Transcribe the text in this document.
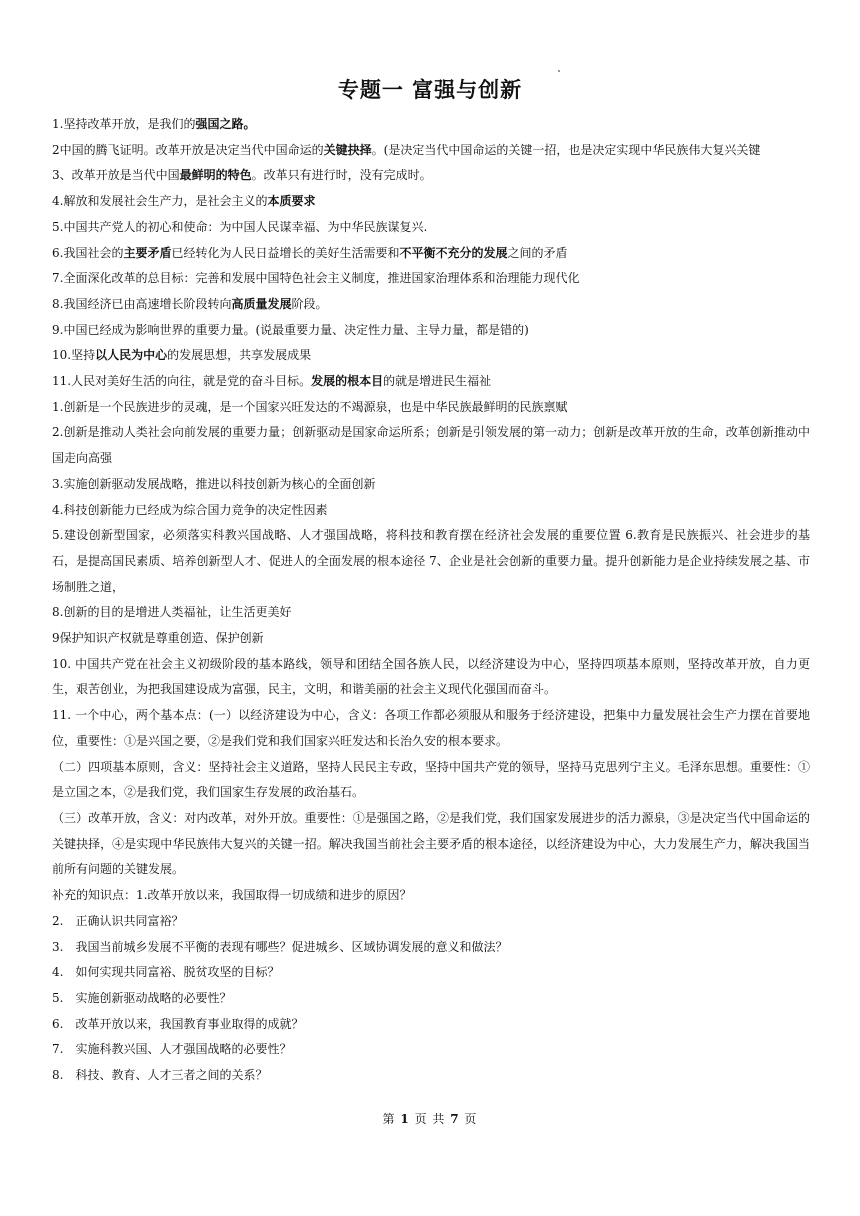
专题一 富强与创新

1.坚持改革开放，是我们的强国之路。

2中国的腾飞证明。改革开放是决定当代中国命运的关键抉择。(是决定当代中国命运的关键一招，也是决定实现中华民族伟大复兴关键

3、改革开放是当代中国最鲜明的特色。改革只有进行时，没有完成时。

4.解放和发展社会生产力，是社会主义的本质要求

5.中国共产党人的初心和使命：为中国人民谋幸福、为中华民族谋复兴.

6.我国社会的主要矛盾已经转化为人民日益增长的美好生活需要和不平衡不充分的发展之间的矛盾

7.全面深化改革的总目标：完善和发展中国特色社会主义制度，推进国家治理体系和治理能力现代化

8.我国经济已由高速增长阶段转向高质量发展阶段。

9.中国已经成为影响世界的重要力量。(说最重要力量、决定性力量、主导力量，都是错的)

10.坚持以人民为中心的发展思想，共享发展成果

11.人民对美好生活的向往，就是党的奋斗目标。发展的根本目的就是增进民生福祉

1.创新是一个民族进步的灵魂，是一个国家兴旺发达的不竭源泉，也是中华民族最鲜明的民族禀赋

2.创新是推动人类社会向前发展的重要力量；创新驱动是国家命运所系；创新是引领发展的第一动力；创新是改革开放的生命，改革创新推动中国走向高强

3.实施创新驱动发展战略，推进以科技创新为核心的全面创新

4.科技创新能力已经成为综合国力竞争的决定性因素

5.建设创新型国家，必须落实科教兴国战略、人才强国战略，将科技和教育摆在经济社会发展的重要位置 6.教育是民族振兴、社会进步的基石，是提高国民素质、培养创新型人才、促进人的全面发展的根本途径 7、企业是社会创新的重要力量。提升创新能力是企业持续发展之基、市场制胜之道，

8.创新的目的是增进人类福祉，让生活更美好

9保护知识产权就是尊重创造、保护创新

10. 中国共产党在社会主义初级阶段的基本路线，领导和团结全国各族人民，以经济建设为中心，坚持四项基本原则，坚持改革开放，自力更生，艰苦创业，为把我国建设成为富强，民主，文明，和谐美丽的社会主义现代化强国而奋斗。

11. 一个中心，两个基本点：(一）以经济建设为中心，含义：各项工作都必须服从和服务于经济建设，把集中力量发展社会生产力摆在首要地位，重要性：①是兴国之要，②是我们党和我们国家兴旺发达和长治久安的根本要求。

（二）四项基本原则，含义：坚持社会主义道路，坚持人民民主专政，坚持中国共产党的领导，坚持马克思列宁主义。毛泽东思想。重要性：①是立国之本，②是我们党，我们国家生存发展的政治基石。

（三）改革开放，含义：对内改革，对外开放。重要性：①是强国之路，②是我们党，我们国家发展进步的活力源泉，③是决定当代中国命运的关键抉择，④是实现中华民族伟大复兴的关键一招。解决我国当前社会主要矛盾的根本途径，以经济建设为中心，大力发展生产力，解决我国当前所有问题的关键发展。

补充的知识点：1.改革开放以来，我国取得一切成绩和进步的原因？

2.　正确认识共同富裕？

3.　我国当前城乡发展不平衡的表现有哪些？促进城乡、区域协调发展的意义和做法？

4.　如何实现共同富裕、脱贫攻坚的目标？

5.　实施创新驱动战略的必要性？

6.　改革开放以来，我国教育事业取得的成就？

7.　实施科教兴国、人才强国战略的必要性？

8.　科技、教育、人才三者之间的关系？

第 1 页 共 7 页
